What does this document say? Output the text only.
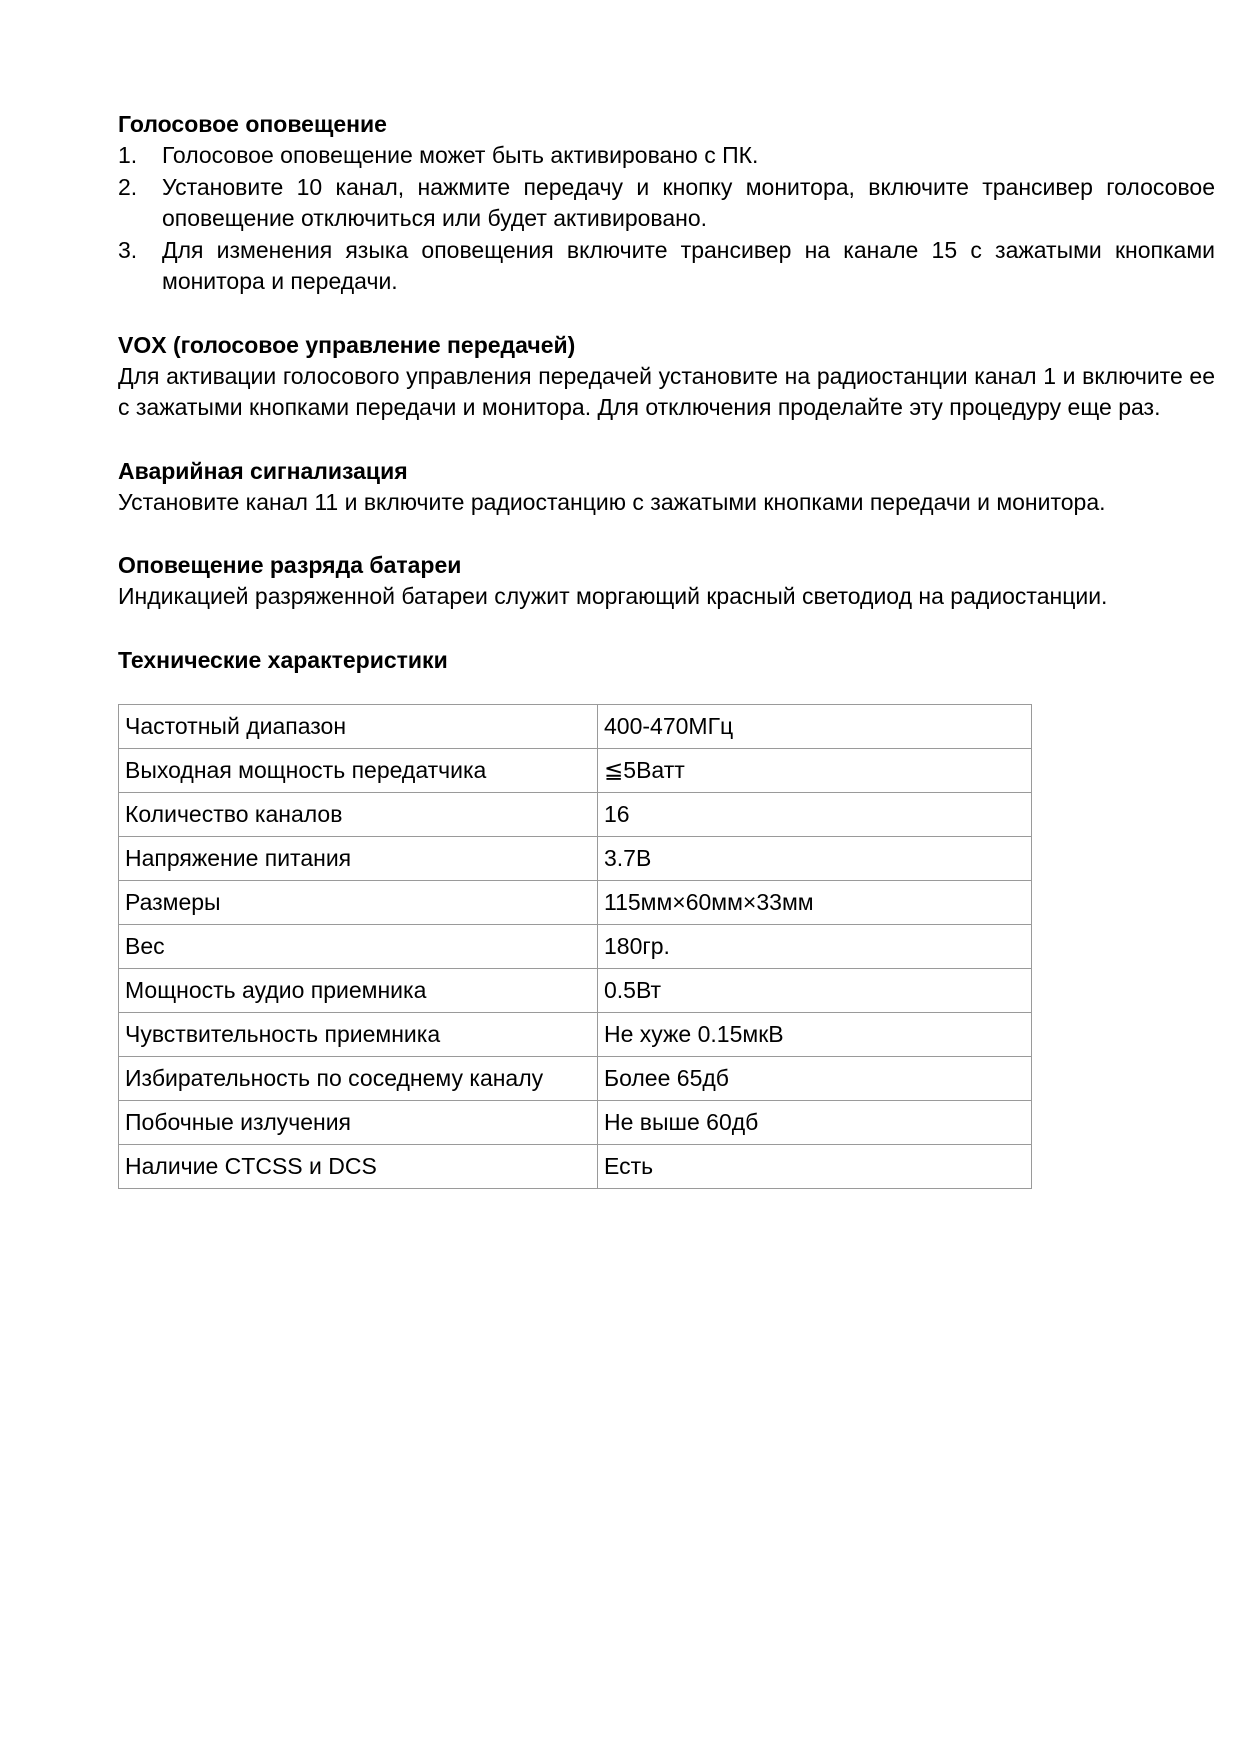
Голосовое оповещение
1. Голосовое оповещение может быть активировано с ПК.
2. Установите 10 канал, нажмите передачу и кнопку монитора, включите трансивер голосовое оповещение отключиться или будет активировано.
3. Для изменения языка оповещения включите трансивер на канале 15 с зажатыми кнопками монитора и передачи.
VOX (голосовое управление передачей)

Для активации голосового управления передачей установите на радиостанции канал 1 и включите ее с зажатыми кнопками передачи и монитора. Для отключения проделайте эту процедуру еще раз.

Аварийная сигнализация

Установите канал 11 и включите радиостанцию с зажатыми кнопками передачи и монитора.

Оповещение разряда батареи

Индикацией разряженной батареи служит моргающий красный светодиод на радиостанции.

Технические характеристики
Частотный диапазон	400-470МГц
Выходная мощность передатчика	≦5Ватт
Количество каналов	16
Напряжение питания	3.7В
Размеры	115мм×60мм×33мм
Вес	180гр.
Мощность аудио приемника	0.5Вт
Чувствительность приемника	Не хуже 0.15мкВ
Избирательность по соседнему каналу	Более 65дб
Побочные излучения	Не выше 60дб
Наличие CTCSS и DCS	Есть
